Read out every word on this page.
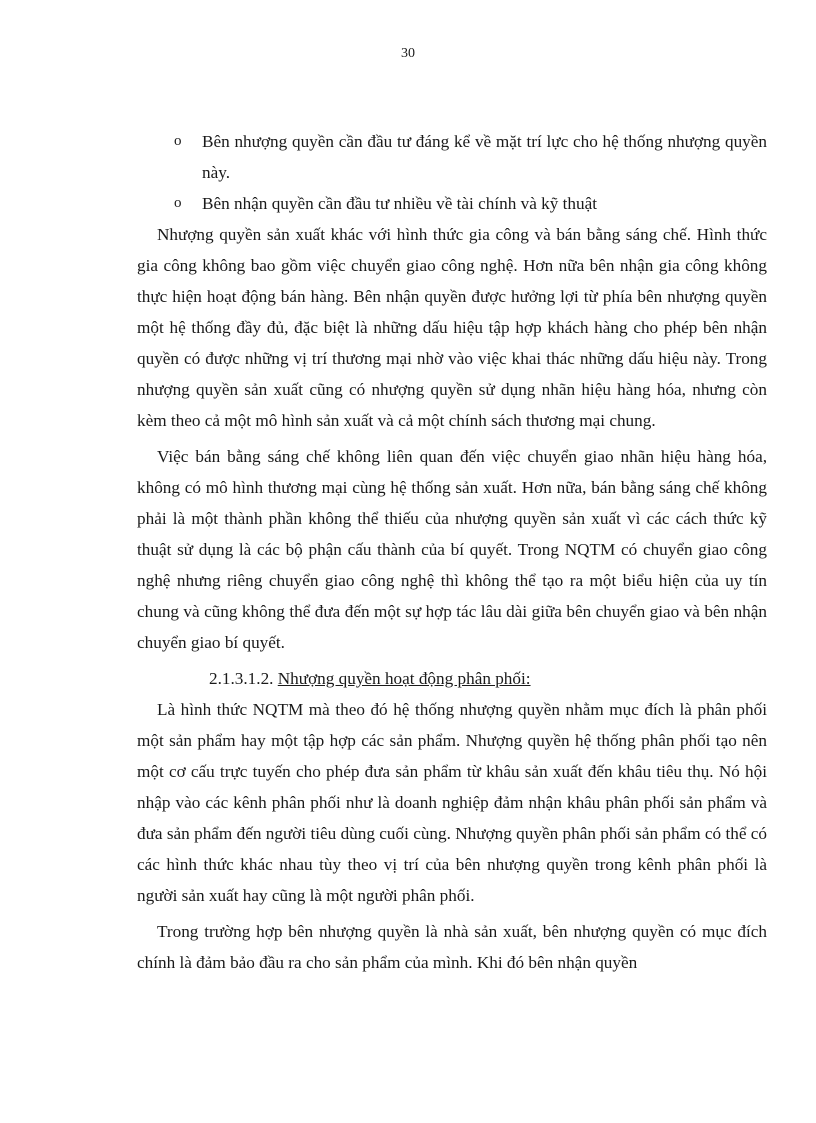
30
o Bên nhượng quyền cần đầu tư đáng kể về mặt trí lực cho hệ thống nhượng quyền này.
o Bên nhận quyền cần đầu tư nhiều về tài chính và kỹ thuật

Nhượng quyền sản xuất khác với hình thức gia công và bán bằng sáng chế. Hình thức gia công không bao gồm việc chuyển giao công nghệ. Hơn nữa bên nhận gia công không thực hiện hoạt động bán hàng. Bên nhận quyền được hưởng lợi từ phía bên nhượng quyền một hệ thống đầy đủ, đặc biệt là những dấu hiệu tập hợp khách hàng cho phép bên nhận quyền có được những vị trí thương mại nhờ vào việc khai thác những dấu hiệu này. Trong nhượng quyền sản xuất cũng có nhượng quyền sử dụng nhãn hiệu hàng hóa, nhưng còn kèm theo cả một mô hình sản xuất và cả một chính sách thương mại chung.

Việc bán bằng sáng chế không liên quan đến việc chuyển giao nhãn hiệu hàng hóa, không có mô hình thương mại cùng hệ thống sản xuất. Hơn nữa, bán bằng sáng chế không phải là một thành phần không thể thiếu của nhượng quyền sản xuất vì các cách thức kỹ thuật sử dụng là các bộ phận cấu thành của bí quyết. Trong NQTM có chuyển giao công nghệ nhưng riêng chuyển giao công nghệ thì không thể tạo ra một biểu hiện của uy tín chung và cũng không thể đưa đến một sự hợp tác lâu dài giữa bên chuyển giao và bên nhận chuyển giao bí quyết.

2.1.3.1.2. Nhượng quyền hoạt động phân phối:

Là hình thức NQTM mà theo đó hệ thống nhượng quyền nhằm mục đích là phân phối một sản phẩm hay một tập hợp các sản phẩm. Nhượng quyền hệ thống phân phối tạo nên một cơ cấu trực tuyến cho phép đưa sản phẩm từ khâu sản xuất đến khâu tiêu thụ. Nó hội nhập vào các kênh phân phối như là doanh nghiệp đảm nhận khâu phân phối sản phẩm và đưa sản phẩm đến người tiêu dùng cuối cùng. Nhượng quyền phân phối sản phẩm có thể có các hình thức khác nhau tùy theo vị trí của bên nhượng quyền trong kênh phân phối là người sản xuất hay cũng là một người phân phối.

Trong trường hợp bên nhượng quyền là nhà sản xuất, bên nhượng quyền có mục đích chính là đảm bảo đầu ra cho sản phẩm của mình. Khi đó bên nhận quyền
